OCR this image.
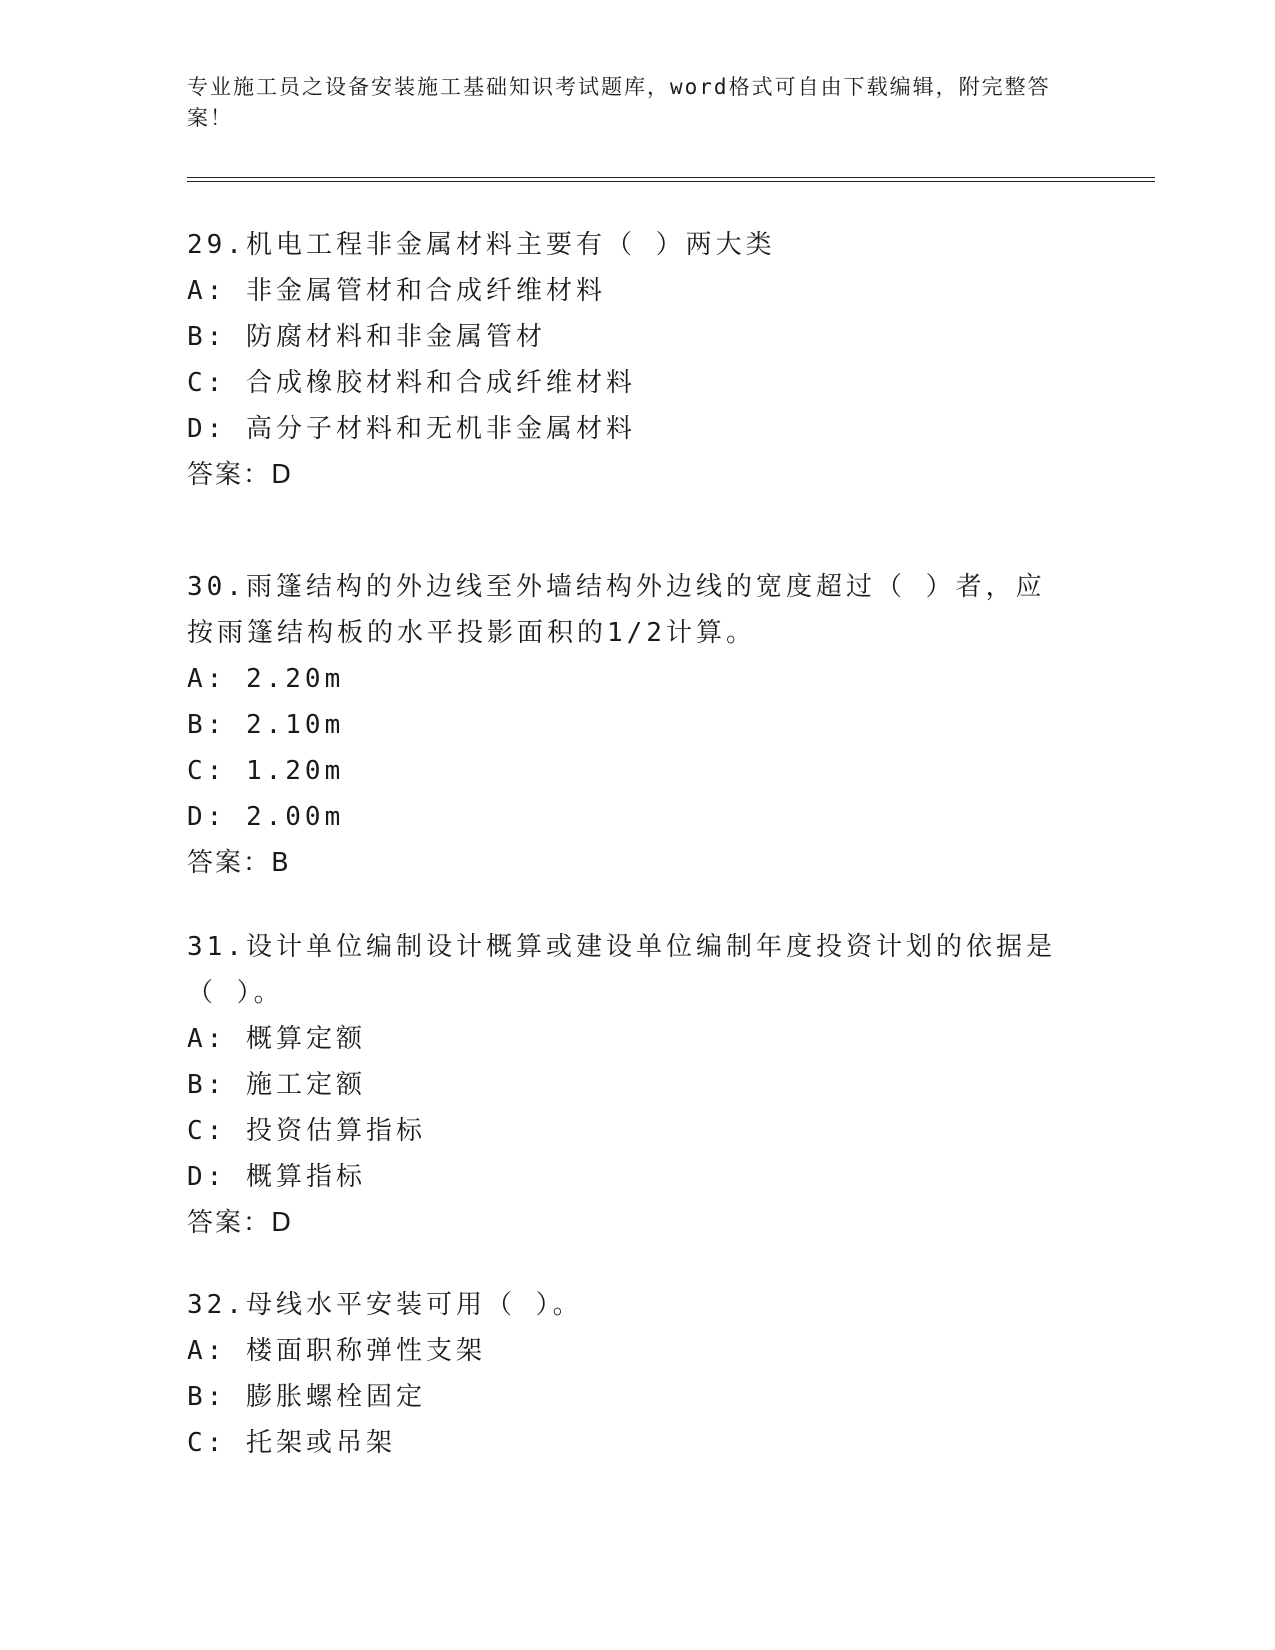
专业施工员之设备安装施工基础知识考试题库，word格式可自由下载编辑，附完整答案！

29.机电工程非金属材料主要有（ ）两大类

A: 非金属管材和合成纤维材料

B: 防腐材料和非金属管材

C: 合成橡胶材料和合成纤维材料

D: 高分子材料和无机非金属材料

答案：D

30.雨篷结构的外边线至外墙结构外边线的宽度超过（ ）者，应按雨篷结构板的水平投影面积的1/2计算。

A: 2.20m

B: 2.10m

C: 1.20m

D: 2.00m

答案：B

31.设计单位编制设计概算或建设单位编制年度投资计划的依据是（ ）。

A: 概算定额

B: 施工定额

C: 投资估算指标

D: 概算指标

答案：D

32.母线水平安装可用（ ）。

A: 楼面职称弹性支架

B: 膨胀螺栓固定

C: 托架或吊架
